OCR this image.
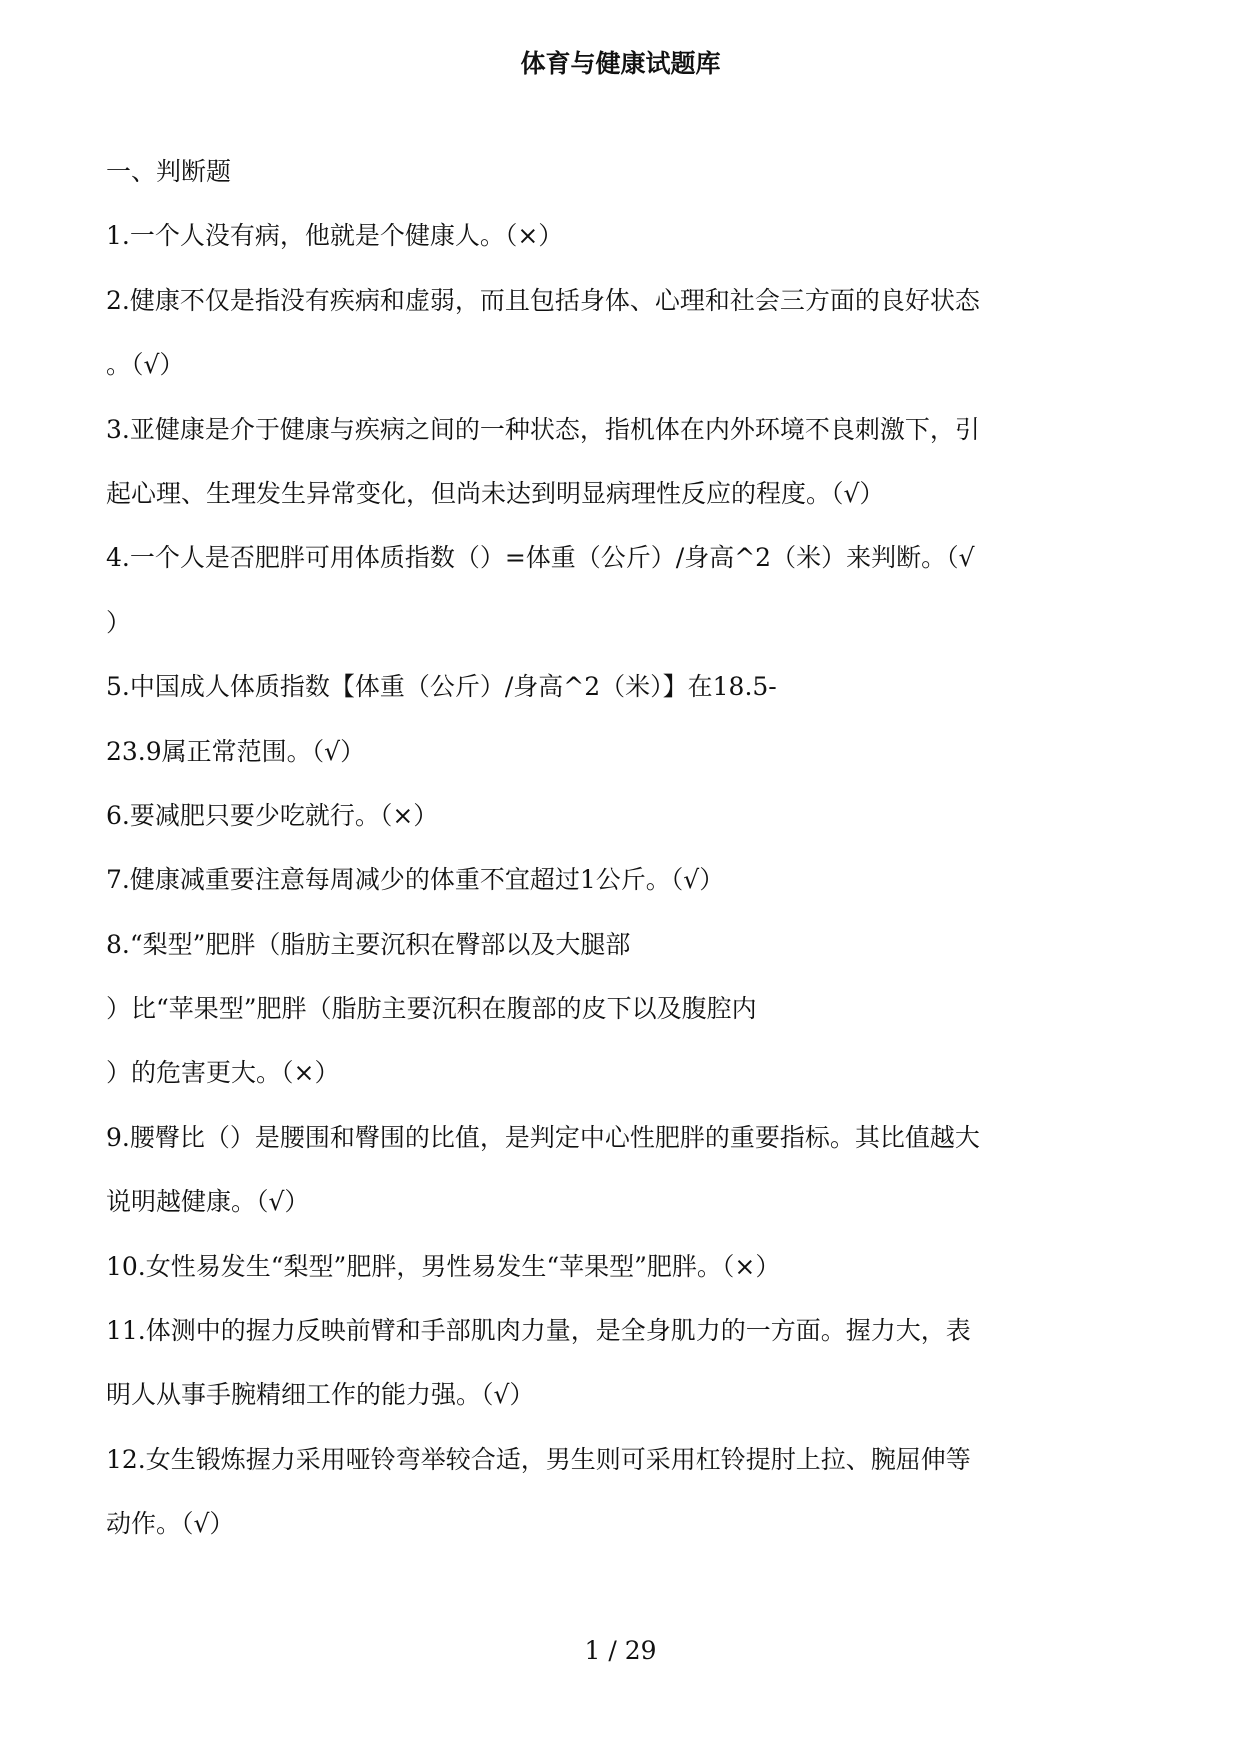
体育与健康试题库
一、判断题
1.一个人没有病，他就是个健康人。（×）
2.健康不仅是指没有疾病和虚弱，而且包括身体、心理和社会三方面的良好状态
。（√）
3.亚健康是介于健康与疾病之间的一种状态，指机体在内外环境不良刺激下，引
起心理、生理发生异常变化，但尚未达到明显病理性反应的程度。（√）
4.一个人是否肥胖可用体质指数（）=体重（公斤）/身高^2（米）来判断。（√
）
5.中国成人体质指数【体重（公斤）/身高^2（米）】在18.5-
23.9属正常范围。（√）
6.要减肥只要少吃就行。（×）
7.健康减重要注意每周减少的体重不宜超过1公斤。（√）
8.“梨型”肥胖（脂肪主要沉积在臀部以及大腿部
）比“苹果型”肥胖（脂肪主要沉积在腹部的皮下以及腹腔内
）的危害更大。（×）
9.腰臀比（）是腰围和臀围的比值，是判定中心性肥胖的重要指标。其比值越大
说明越健康。（√）
10.女性易发生“梨型”肥胖，男性易发生“苹果型”肥胖。（×）
11.体测中的握力反映前臂和手部肌肉力量，是全身肌力的一方面。握力大，表
明人从事手腕精细工作的能力强。（√）
12.女生锻炼握力采用哑铃弯举较合适，男生则可采用杠铃提肘上拉、腕屈伸等
动作。（√）
1 / 29
